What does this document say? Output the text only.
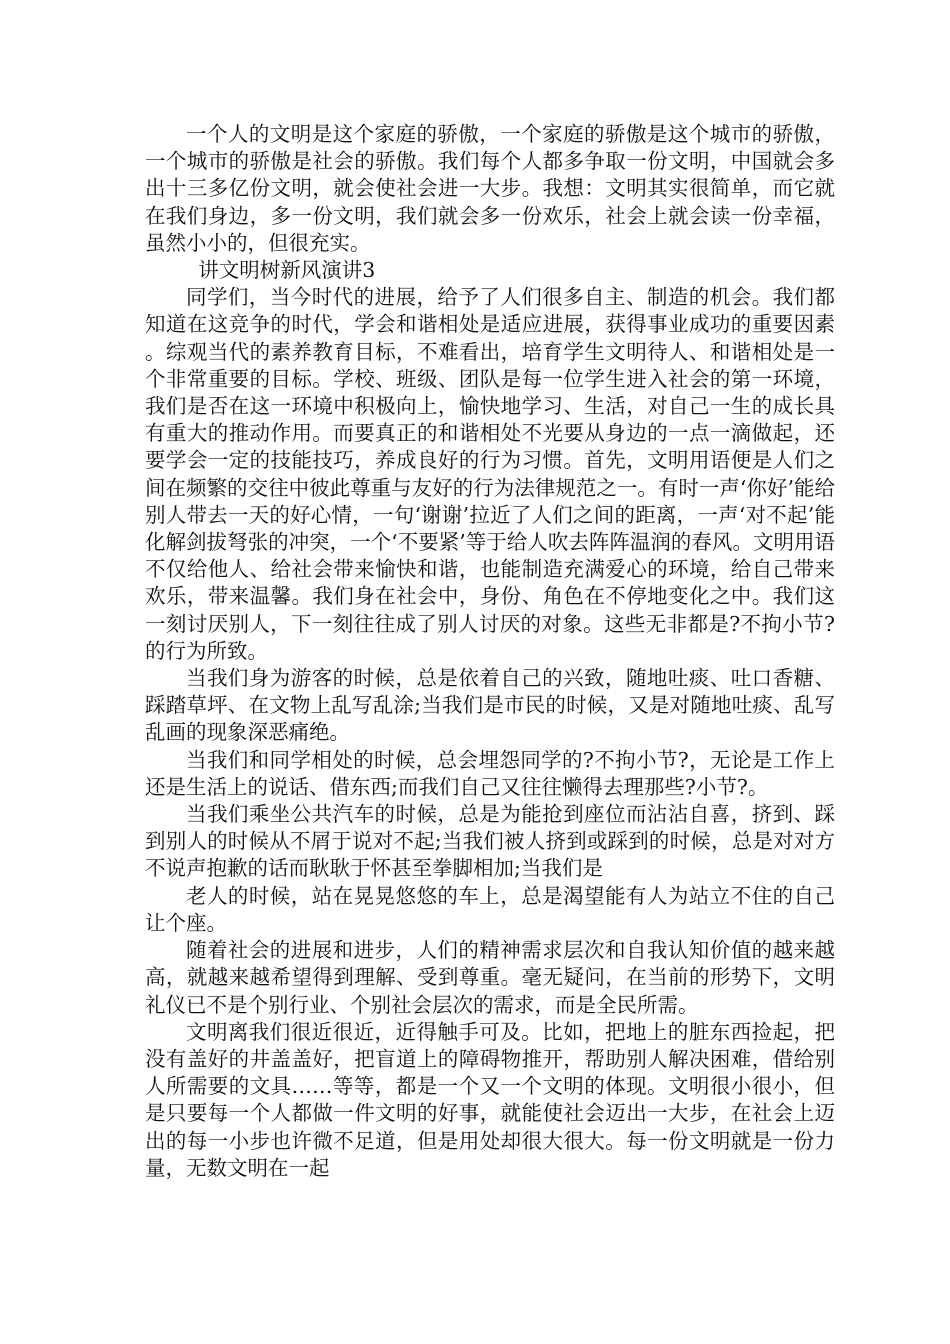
一个人的文明是这个家庭的骄傲，一个家庭的骄傲是这个城市的骄傲，一个城市的骄傲是社会的骄傲。我们每个人都多争取一份文明，中国就会多出十三多亿份文明，就会使社会进一大步。我想：文明其实很简单，而它就在我们身边，多一份文明，我们就会多一份欢乐，社会上就会读一份幸福，虽然小小的，但很充实。

讲文明树新风演讲3

同学们，当今时代的进展，给予了人们很多自主、制造的机会。我们都知道在这竞争的时代，学会和谐相处是适应进展，获得事业成功的重要因素。综观当代的素养教育目标，不难看出，培育学生文明待人、和谐相处是一个非常重要的目标。学校、班级、团队是每一位学生进入社会的第一环境，我们是否在这一环境中积极向上，愉快地学习、生活，对自己一生的成长具有重大的推动作用。而要真正的和谐相处不光要从身边的一点一滴做起，还要学会一定的技能技巧，养成良好的行为习惯。首先，文明用语便是人们之间在频繁的交往中彼此尊重与友好的行为法律规范之一。有时一声‘你好’能给别人带去一天的好心情，一句‘谢谢’拉近了人们之间的距离，一声‘对不起’能化解剑拔弩张的冲突，一个‘不要紧’等于给人吹去阵阵温润的春风。文明用语不仅给他人、给社会带来愉快和谐，也能制造充满爱心的环境，给自己带来欢乐，带来温馨。我们身在社会中，身份、角色在不停地变化之中。我们这一刻讨厌别人，下一刻往往成了别人讨厌的对象。这些无非都是?不拘小节?的行为所致。

当我们身为游客的时候，总是依着自己的兴致，随地吐痰、吐口香糖、踩踏草坪、在文物上乱写乱涂;当我们是市民的时候，又是对随地吐痰、乱写乱画的现象深恶痛绝。

当我们和同学相处的时候，总会埋怨同学的?不拘小节?，无论是工作上还是生活上的说话、借东西;而我们自己又往往懒得去理那些?小节?。

当我们乘坐公共汽车的时候，总是为能抢到座位而沾沾自喜，挤到、踩到别人的时候从不屑于说对不起;当我们被人挤到或踩到的时候，总是对对方不说声抱歉的话而耿耿于怀甚至拳脚相加;当我们是

老人的时候，站在晃晃悠悠的车上，总是渴望能有人为站立不住的自己让个座。

随着社会的进展和进步，人们的精神需求层次和自我认知价值的越来越高，就越来越希望得到理解、受到尊重。毫无疑问，在当前的形势下，文明礼仪已不是个别行业、个别社会层次的需求，而是全民所需。

文明离我们很近很近，近得触手可及。比如，把地上的脏东西捡起，把没有盖好的井盖盖好，把盲道上的障碍物推开，帮助别人解决困难，借给别人所需要的文具……等等，都是一个又一个文明的体现。文明很小很小，但是只要每一个人都做一件文明的好事，就能使社会迈出一大步，在社会上迈出的每一小步也许微不足道，但是用处却很大很大。每一份文明就是一份力量，无数文明在一起
